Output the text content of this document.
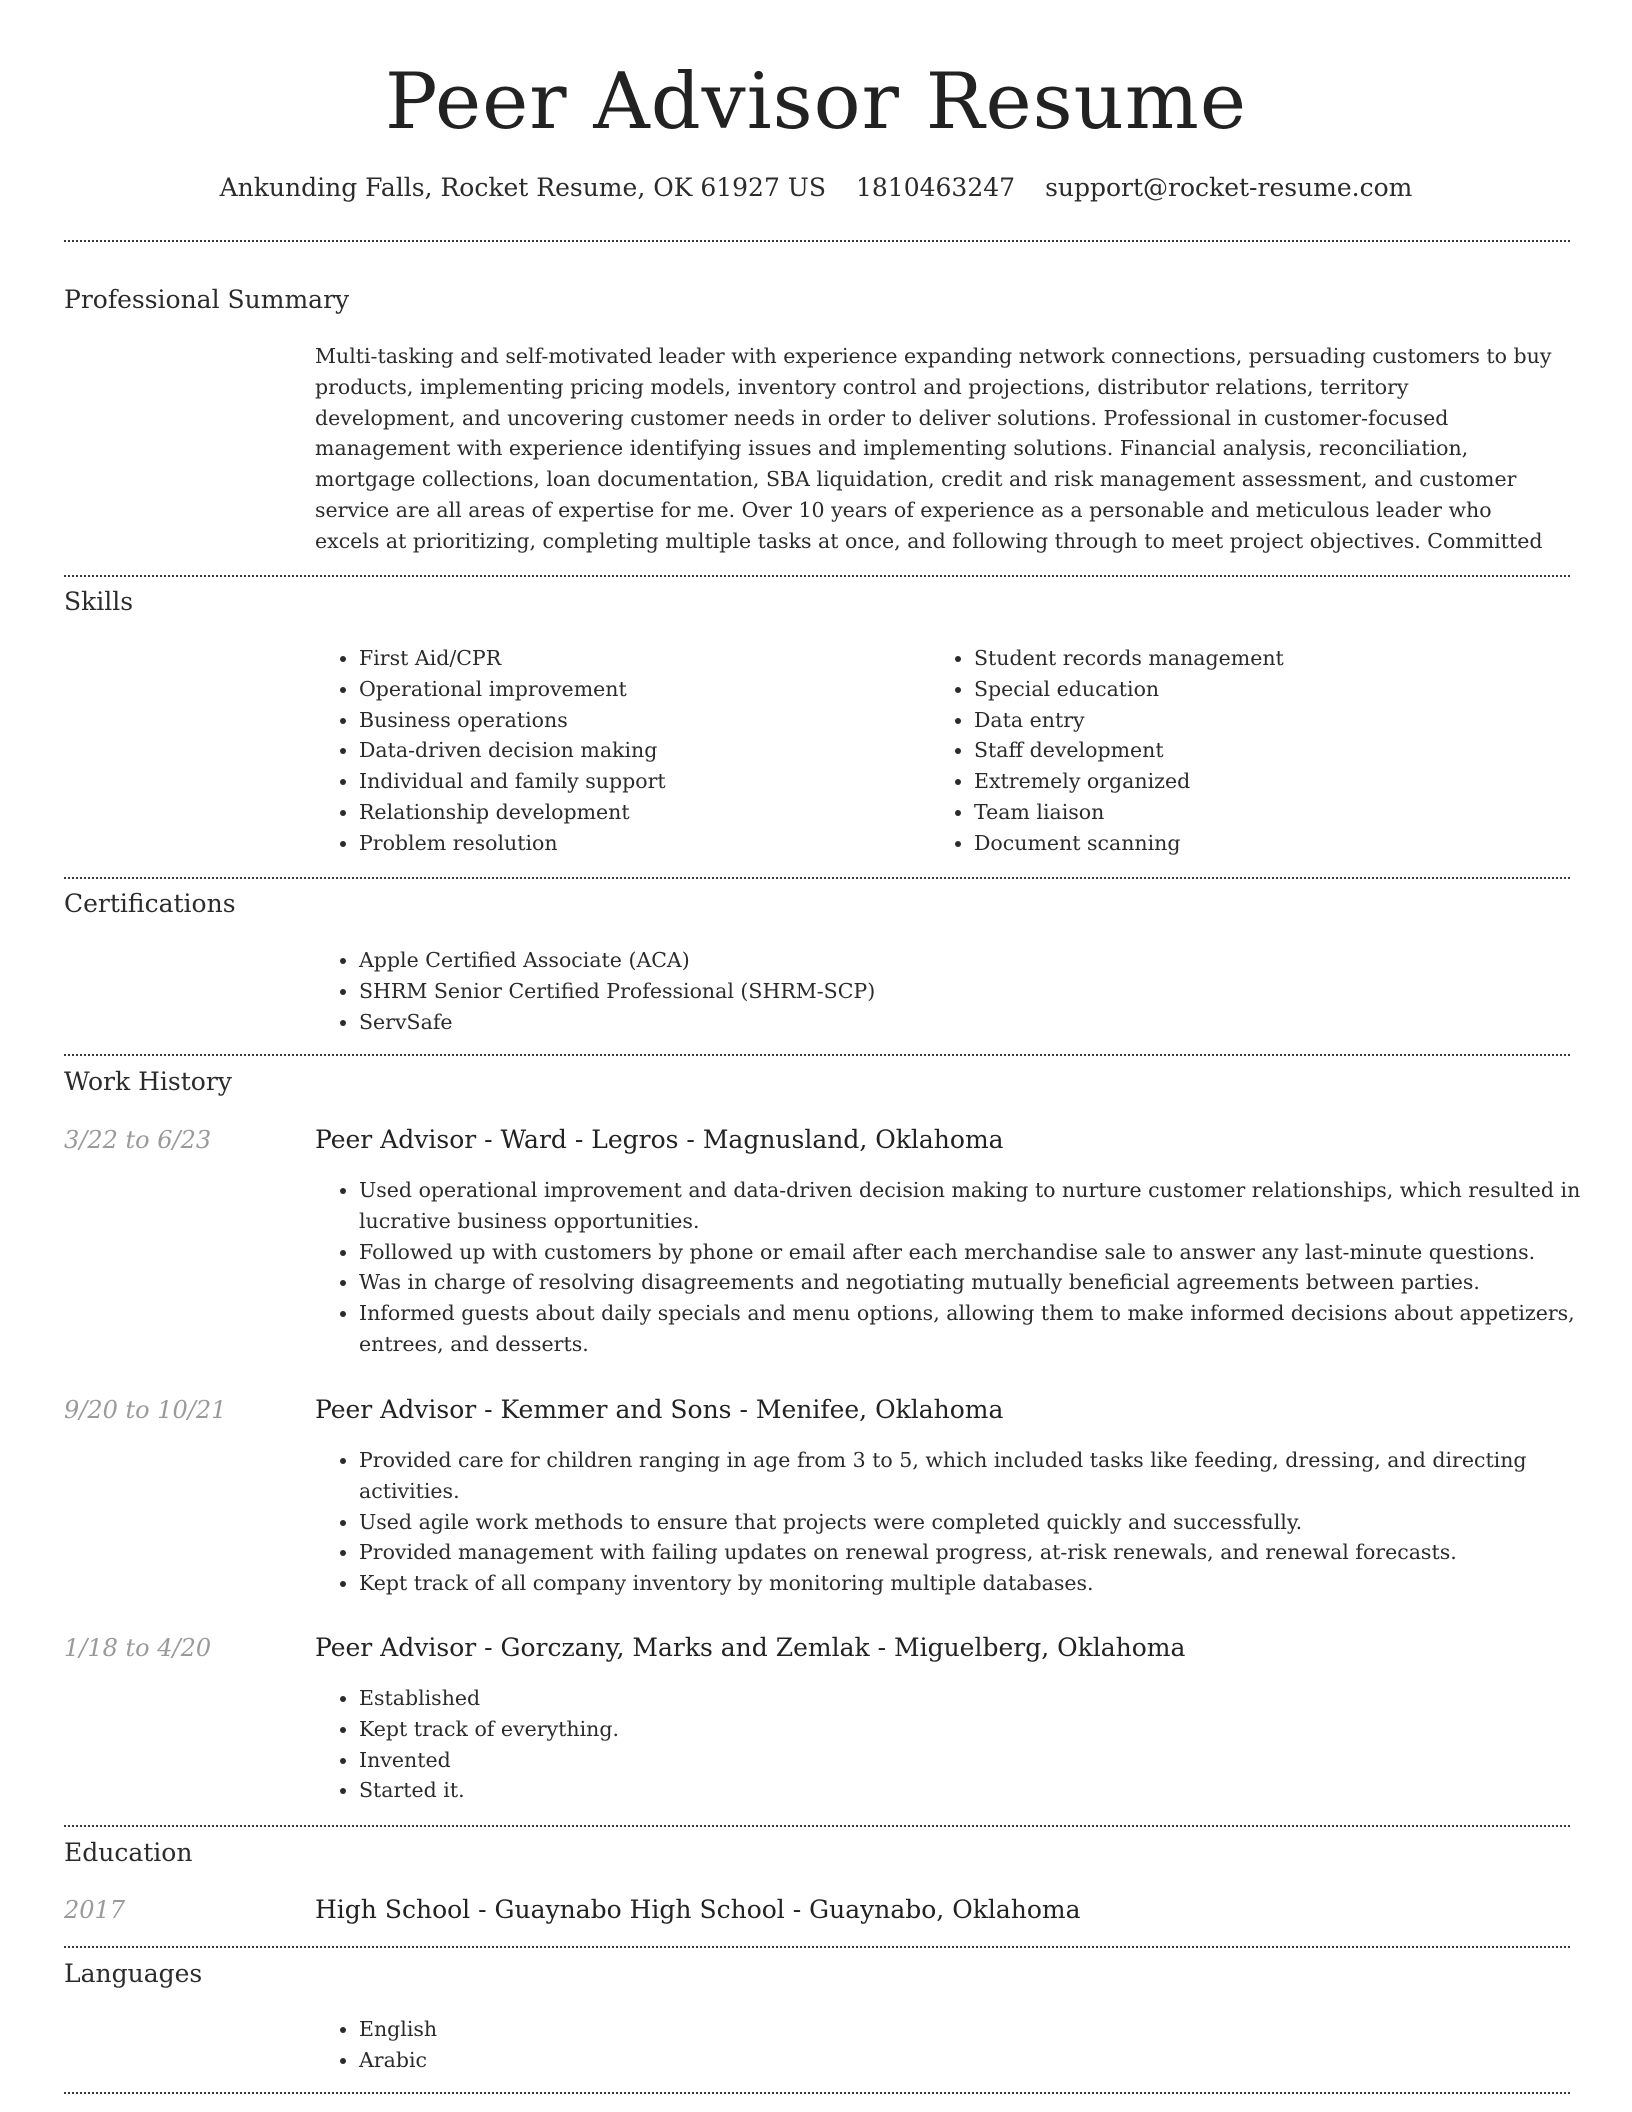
Peer Advisor Resume
Ankunding Falls, Rocket Resume, OK 61927 US 1810463247 support@rocket-resume.com
Professional Summary
Multi-tasking and self-motivated leader with experience expanding network connections, persuading customers to buy products, implementing pricing models, inventory control and projections, distributor relations, territory development, and uncovering customer needs in order to deliver solutions. Professional in customer-focused management with experience identifying issues and implementing solutions. Financial analysis, reconciliation, mortgage collections, loan documentation, SBA liquidation, credit and risk management assessment, and customer service are all areas of expertise for me. Over 10 years of experience as a personable and meticulous leader who excels at prioritizing, completing multiple tasks at once, and following through to meet project objectives. Committed
Skills
• First Aid/CPR
• Operational improvement
• Business operations
• Data-driven decision making
• Individual and family support
• Relationship development
• Problem resolution
• Student records management
• Special education
• Data entry
• Staff development
• Extremely organized
• Team liaison
• Document scanning
Certifications
• Apple Certified Associate (ACA)
• SHRM Senior Certified Professional (SHRM-SCP)
• ServSafe
Work History
3/22 to 6/23	Peer Advisor - Ward - Legros - Magnusland, Oklahoma
• Used operational improvement and data-driven decision making to nurture customer relationships, which resulted in lucrative business opportunities.
• Followed up with customers by phone or email after each merchandise sale to answer any last-minute questions.
• Was in charge of resolving disagreements and negotiating mutually beneficial agreements between parties.
• Informed guests about daily specials and menu options, allowing them to make informed decisions about appetizers, entrees, and desserts.
9/20 to 10/21	Peer Advisor - Kemmer and Sons - Menifee, Oklahoma
• Provided care for children ranging in age from 3 to 5, which included tasks like feeding, dressing, and directing activities.
• Used agile work methods to ensure that projects were completed quickly and successfully.
• Provided management with failing updates on renewal progress, at-risk renewals, and renewal forecasts.
• Kept track of all company inventory by monitoring multiple databases.
1/18 to 4/20	Peer Advisor - Gorczany, Marks and Zemlak - Miguelberg, Oklahoma
• Established
• Kept track of everything.
• Invented
• Started it.
Education
2017	High School - Guaynabo High School - Guaynabo, Oklahoma
Languages
• English
• Arabic
